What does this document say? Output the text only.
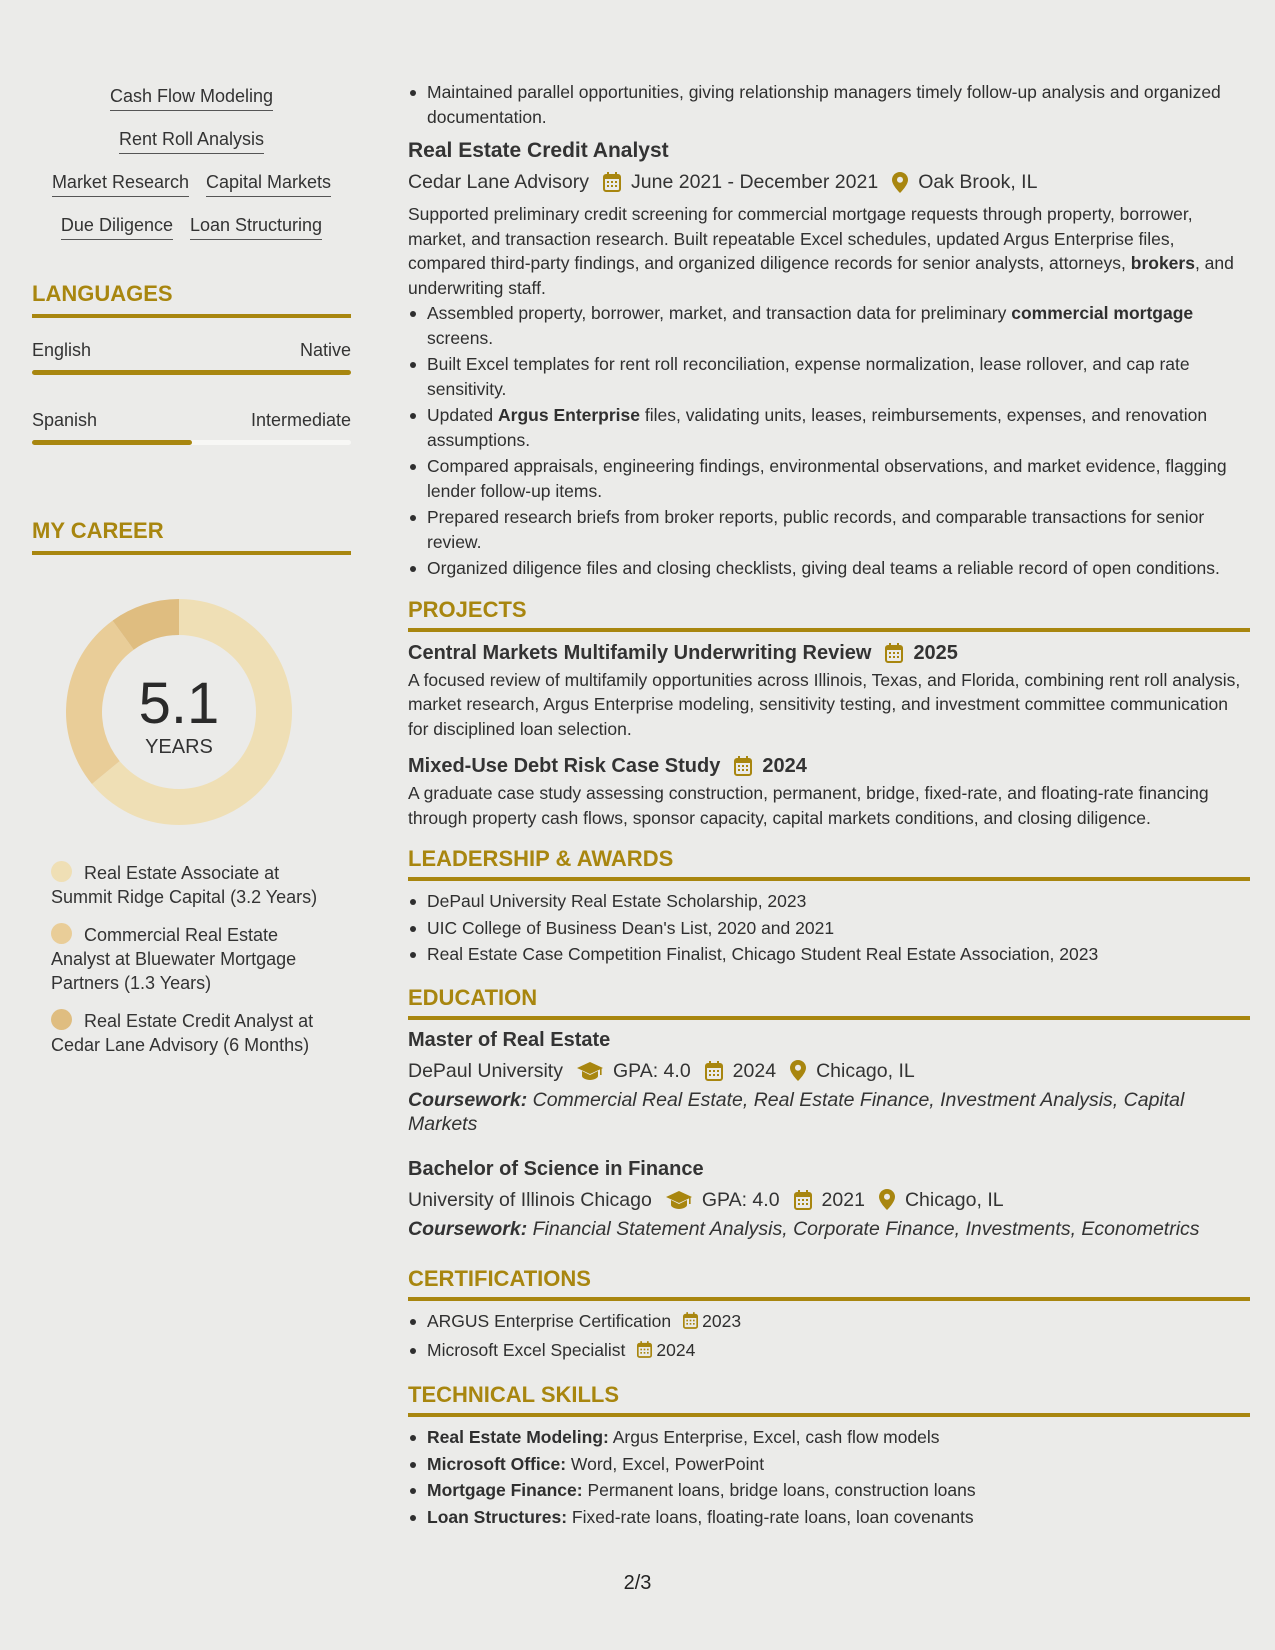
Cash Flow Modeling
Rent Roll Analysis
Market Research Capital Markets
Due Diligence Loan Structuring
LANGUAGES
English	Native
Spanish	Intermediate
MY CAREER
5.1
YEARS
Real Estate Associate at Summit Ridge Capital (3.2 Years)
Commercial Real Estate Analyst at Bluewater Mortgage Partners (1.3 Years)
Real Estate Credit Analyst at Cedar Lane Advisory (6 Months)
Maintained parallel opportunities, giving relationship managers timely follow-up analysis and organized documentation.
Real Estate Credit Analyst
Cedar Lane Advisory June 2021 - December 2021 Oak Brook, IL

Supported preliminary credit screening for commercial mortgage requests through property, borrower, market, and transaction research. Built repeatable Excel schedules, updated Argus Enterprise files, compared third-party findings, and organized diligence records for senior analysts, attorneys, brokers, and underwriting staff.

Assembled property, borrower, market, and transaction data for preliminary commercial mortgage screens.
Built Excel templates for rent roll reconciliation, expense normalization, lease rollover, and cap rate sensitivity.
Updated Argus Enterprise files, validating units, leases, reimbursements, expenses, and renovation assumptions.
Compared appraisals, engineering findings, environmental observations, and market evidence, flagging lender follow-up items.
Prepared research briefs from broker reports, public records, and comparable transactions for senior review.
Organized diligence files and closing checklists, giving deal teams a reliable record of open conditions.
PROJECTS
Central Markets Multifamily Underwriting Review 2025

A focused review of multifamily opportunities across Illinois, Texas, and Florida, combining rent roll analysis, market research, Argus Enterprise modeling, sensitivity testing, and investment committee communication for disciplined loan selection.

Mixed-Use Debt Risk Case Study 2024

A graduate case study assessing construction, permanent, bridge, fixed-rate, and floating-rate financing through property cash flows, sponsor capacity, capital markets conditions, and closing diligence.

LEADERSHIP & AWARDS
DePaul University Real Estate Scholarship, 2023
UIC College of Business Dean's List, 2020 and 2021
Real Estate Case Competition Finalist, Chicago Student Real Estate Association, 2023
EDUCATION
Master of Real Estate
DePaul University	GPA: 4.0 2024 Chicago, IL

Coursework: Commercial Real Estate, Real Estate Finance, Investment Analysis, Capital Markets

Bachelor of Science in Finance
University of Illinois Chicago	GPA: 4.0 2021 Chicago, IL

Coursework: Financial Statement Analysis, Corporate Finance, Investments, Econometrics

CERTIFICATIONS
ARGUS Enterprise Certification 2023
Microsoft Excel Specialist 2024
TECHNICAL SKILLS
Real Estate Modeling: Argus Enterprise, Excel, cash flow models
Microsoft Office: Word, Excel, PowerPoint
Mortgage Finance: Permanent loans, bridge loans, construction loans
Loan Structures: Fixed-rate loans, floating-rate loans, loan covenants
2/3
